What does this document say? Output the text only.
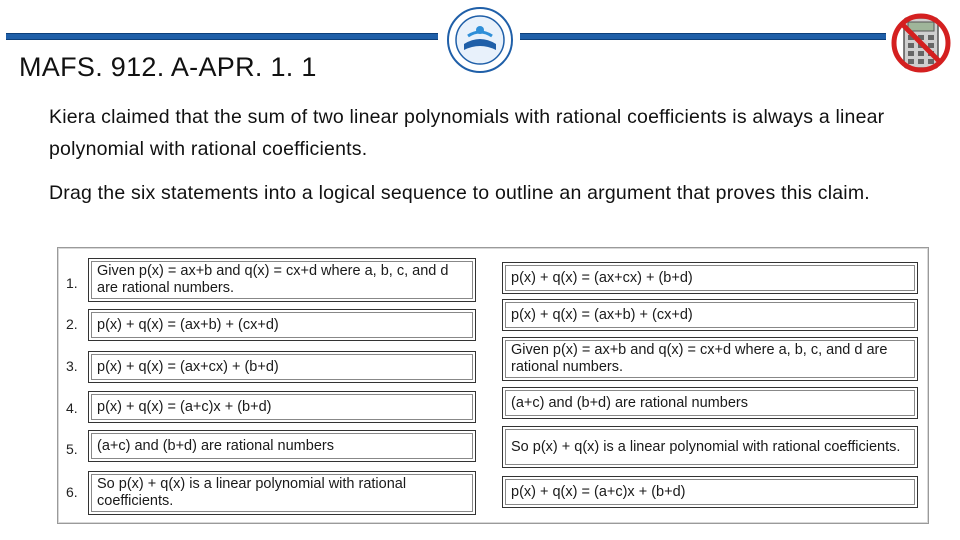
MAFS. 912. A-APR. 1. 1
Kiera claimed that the sum of two linear polynomials with rational coefficients is always a linear polynomial with rational coefficients.
Drag the six statements into a logical sequence to outline an argument that proves this claim.
1.
2.
3.
4.
5.
6.
Given p(x) = ax+b and q(x) = cx+d where a, b, c, and d are rational numbers.
p(x) + q(x) = (ax+b) + (cx+d)
p(x) + q(x) = (ax+cx) + (b+d)
p(x) + q(x) = (a+c)x + (b+d)
(a+c) and (b+d) are rational numbers
So p(x) + q(x) is a linear polynomial with rational coefficients.
p(x) + q(x) = (ax+cx) + (b+d)
p(x) + q(x) = (ax+b) + (cx+d)
Given p(x) = ax+b and q(x) = cx+d where a, b, c, and d are rational numbers.
(a+c) and (b+d) are rational numbers
So p(x) + q(x) is a linear polynomial with rational coefficients.
p(x) + q(x) = (a+c)x + (b+d)
